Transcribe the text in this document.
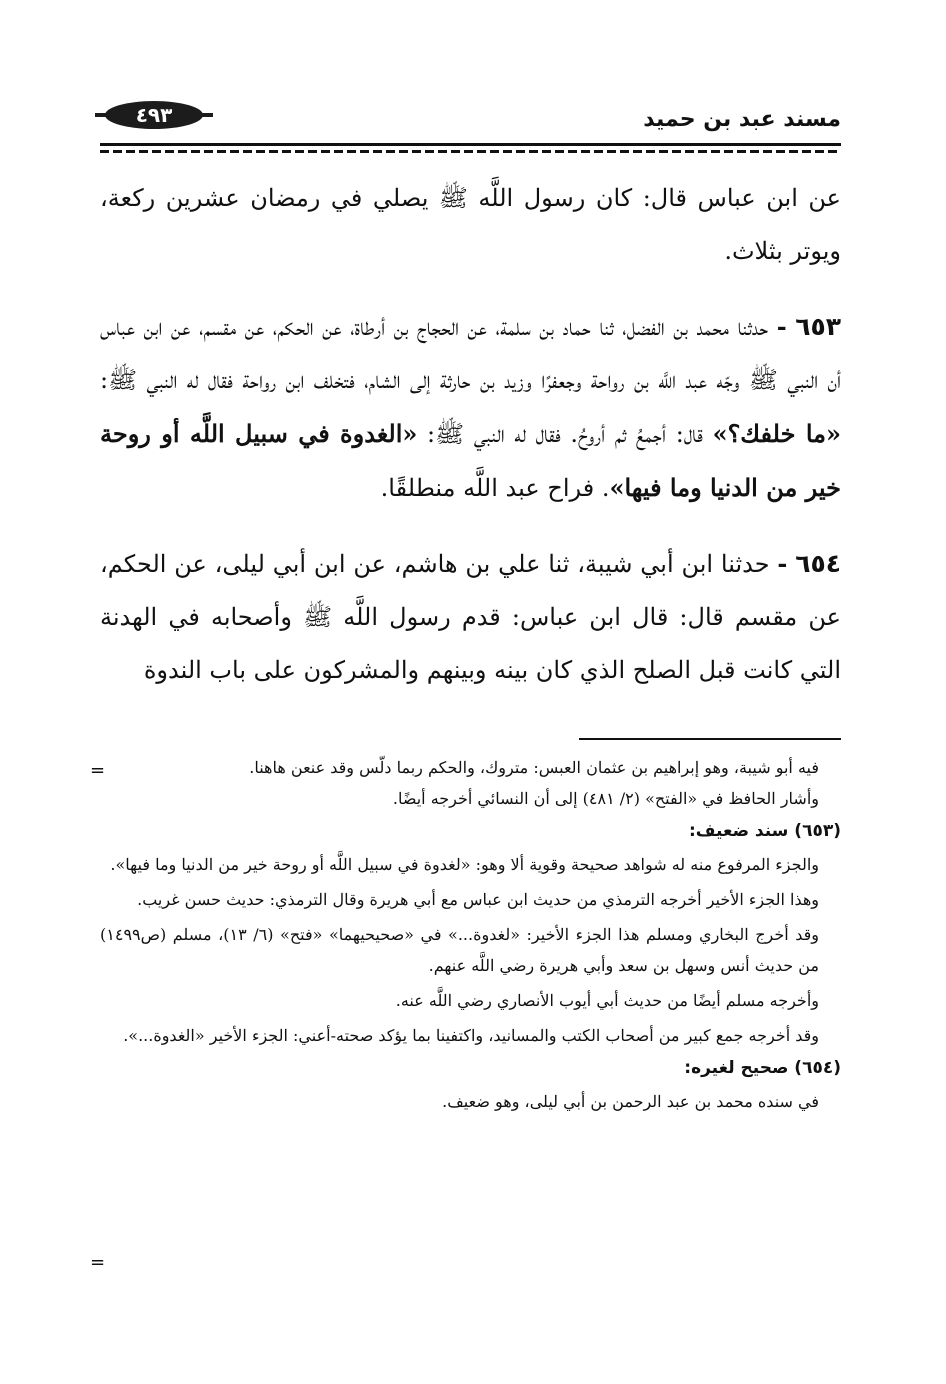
مسند عبد بن حميد
٤٩٣

عن ابن عباس قال: كان رسول اللَّه ﷺ يصلي في رمضان عشرين ركعة، ويوتر بثلاث.

٦٥٣ - حدثنا محمد بن الفضل، ثنا حماد بن سلمة، عن الحجاج بن أرطاة، عن الحكم، عن مقسم، عن ابن عباس أن النبي ﷺ وجّه عبد اللَّه بن رواحة وجعفرًا وزيد بن حارثة إلى الشام، فتخلف ابن رواحة فقال له النبي ﷺ: «ما خلفك؟» قال: أجمعُ ثم أروحُ. فقال له النبي ﷺ: «الغدوة في سبيل اللَّه أو روحة خير من الدنيا وما فيها». فراح عبد اللَّه منطلقًا.

٦٥٤ - حدثنا ابن أبي شيبة، ثنا علي بن هاشم، عن ابن أبي ليلى، عن الحكم، عن مقسم قال: قال ابن عباس: قدم رسول اللَّه ﷺ وأصحابه في الهدنة التي كانت قبل الصلح الذي كان بينه وبينهم والمشركون على باب الندوة

=	فيه أبو شيبة، وهو إبراهيم بن عثمان العبس: متروك، والحكم ربما دلّس وقد عنعن هاهنا.

وأشار الحافظ في «الفتح» (٢/ ٤٨١) إلى أن النسائي أخرجه أيضًا.

(٦٥٣) سند ضعيف:

والجزء المرفوع منه له شواهد صحيحة وقوية ألا وهو: «لغدوة في سبيل اللَّه أو روحة خير من الدنيا وما فيها».

وهذا الجزء الأخير أخرجه الترمذي من حديث ابن عباس مع أبي هريرة وقال الترمذي: حديث حسن غريب.

وقد أخرج البخاري ومسلم هذا الجزء الأخير: «لغدوة...» في «صحيحيهما» «فتح» (٦/ ١٣)، مسلم (ص١٤٩٩) من حديث أنس وسهل بن سعد وأبي هريرة رضي اللَّه عنهم.

وأخرجه مسلم أيضًا من حديث أبي أيوب الأنصاري رضي اللَّه عنه.

وقد أخرجه جمع كبير من أصحاب الكتب والمسانيد، واكتفينا بما يؤكد صحته-أعني: الجزء الأخير «الغدوة...».

(٦٥٤) صحيح لغيره:

في سنده محمد بن عبد الرحمن بن أبي ليلى، وهو ضعيف.

=
